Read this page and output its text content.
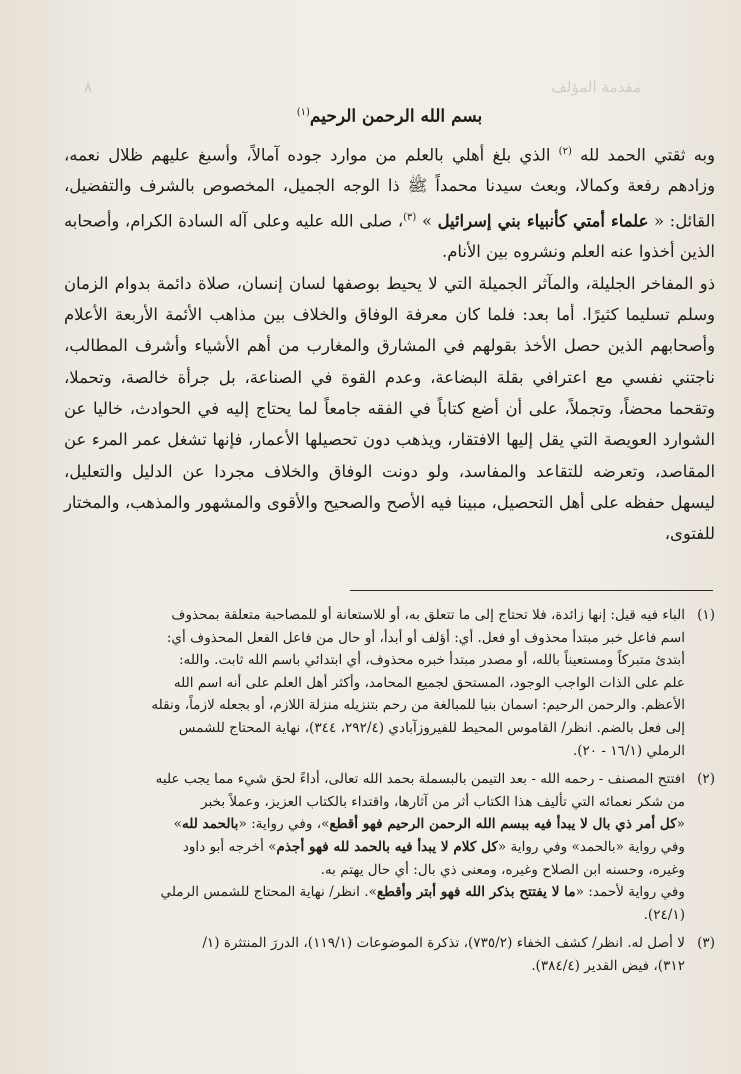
٨	مقدمة المؤلف
بسم الله الرحمن الرحيم$^{(١)}$

وبه ثقتي الحمد لله $^{(٢)}$ الذي بلغ أهلي بالعلم من موارد جوده آمالاً، وأسبغ عليهم ظلال نعمه، وزادهم رفعة وكمالا، وبعث سيدنا محمداً ﷺ ذا الوجه الجميل، المخصوص بالشرف والتفضيل، القائل: « علماء أمتي كأنبياء بني إسرائيل » $^{(٣)}$، صلى الله عليه وعلى آله السادة الكرام، وأصحابه الذين أخذوا عنه العلم ونشروه بين الأنام.

ذو المفاخر الجليلة، والمآثر الجميلة التي لا يحيط بوصفها لسان إنسان، صلاة دائمة بدوام الزمان وسلم تسليما كثيرًا. أما بعد: فلما كان معرفة الوفاق والخلاف بين مذاهب الأئمة الأربعة الأعلام وأصحابهم الذين حصل الأخذ بقولهم في المشارق والمغارب من أهم الأشياء وأشرف المطالب، ناجتني نفسي مع اعترافي بقلة البضاعة، وعدم القوة في الصناعة، بل جرأة خالصة، وتحملا، وتقحما محضاً، وتجملاً، على أن أضع كتاباً في الفقه جامعاً لما يحتاج إليه في الحوادث، خاليا عن الشوارد العويصة التي يقل إليها الافتقار، ويذهب دون تحصيلها الأعمار، فإنها تشغل عمر المرء عن المقاصد، وتعرضه للتقاعد والمفاسد، ولو دونت الوفاق والخلاف مجردا عن الدليل والتعليل، ليسهل حفظه على أهل التحصيل، مبينا فيه الأصح والصحيح والأقوى والمشهور والمذهب، والمختار للفتوى،

(١)

الباء فيه قيل: إنها زائدة، فلا تحتاج إلى ما تتعلق به، أو للاستعانة أو للمصاحبة متعلقة بمحذوف

اسم فاعل خبر مبتدأ محذوف أو فعل. أي: أؤلف أو أبدأ، أو حال من فاعل الفعل المحذوف أي:

أبتدئ متبركاً ومستعيناً بالله، أو مصدر مبتدأ خبره محذوف، أي ابتدائي باسم الله ثابت. والله:

علم على الذات الواجب الوجود، المستحق لجميع المحامد، وأكثر أهل العلم على أنه اسم الله

الأعظم. والرحمن الرحيم: اسمان بنيا للمبالغة من رحم بتنزيله منزلة اللازم، أو بجعله لازماً، ونقله

إلى فعل بالضم. انظر/ القاموس المحيط للفيروزآبادي (٢٩٢/٤، ٣٤٤)، نهاية المحتاج للشمس

الرملي (١٦/١ - ٢٠).

(٢)

افتتح المصنف - رحمه الله - بعد التيمن بالبسملة بحمد الله تعالى، أداءً لحق شيء مما يجب عليه

من شكر نعمائه التي تأليف هذا الكتاب أثر من آثارها، واقتداء بالكتاب العزيز، وعملاً بخبر

«كل أمر ذي بال لا يبدأ فيه ببسم الله الرحمن الرحيم فهو أقطع»، وفي رواية: «بالحمد لله»

وفي رواية «بالحمد» وفي رواية «كل كلام لا يبدأ فيه بالحمد لله فهو أجذم» أخرجه أبو داود

وغيره، وحسنه ابن الصلاح وغيره، ومعنى ذي بال: أي حال يهتم به.

وفي رواية لأحمد: «ما لا يفتتح بذكر الله فهو أبتر وأقطع». انظر/ نهاية المحتاج للشمس الرملي

(٢٤/١).

(٣)

لا أصل له. انظر/ كشف الخفاء (٧٣٥/٢)، تذكرة الموضوعات (١١٩/١)، الدررَ المنتثرة (١/

٣١٢)، فيض القدير (٣٨٤/٤).
